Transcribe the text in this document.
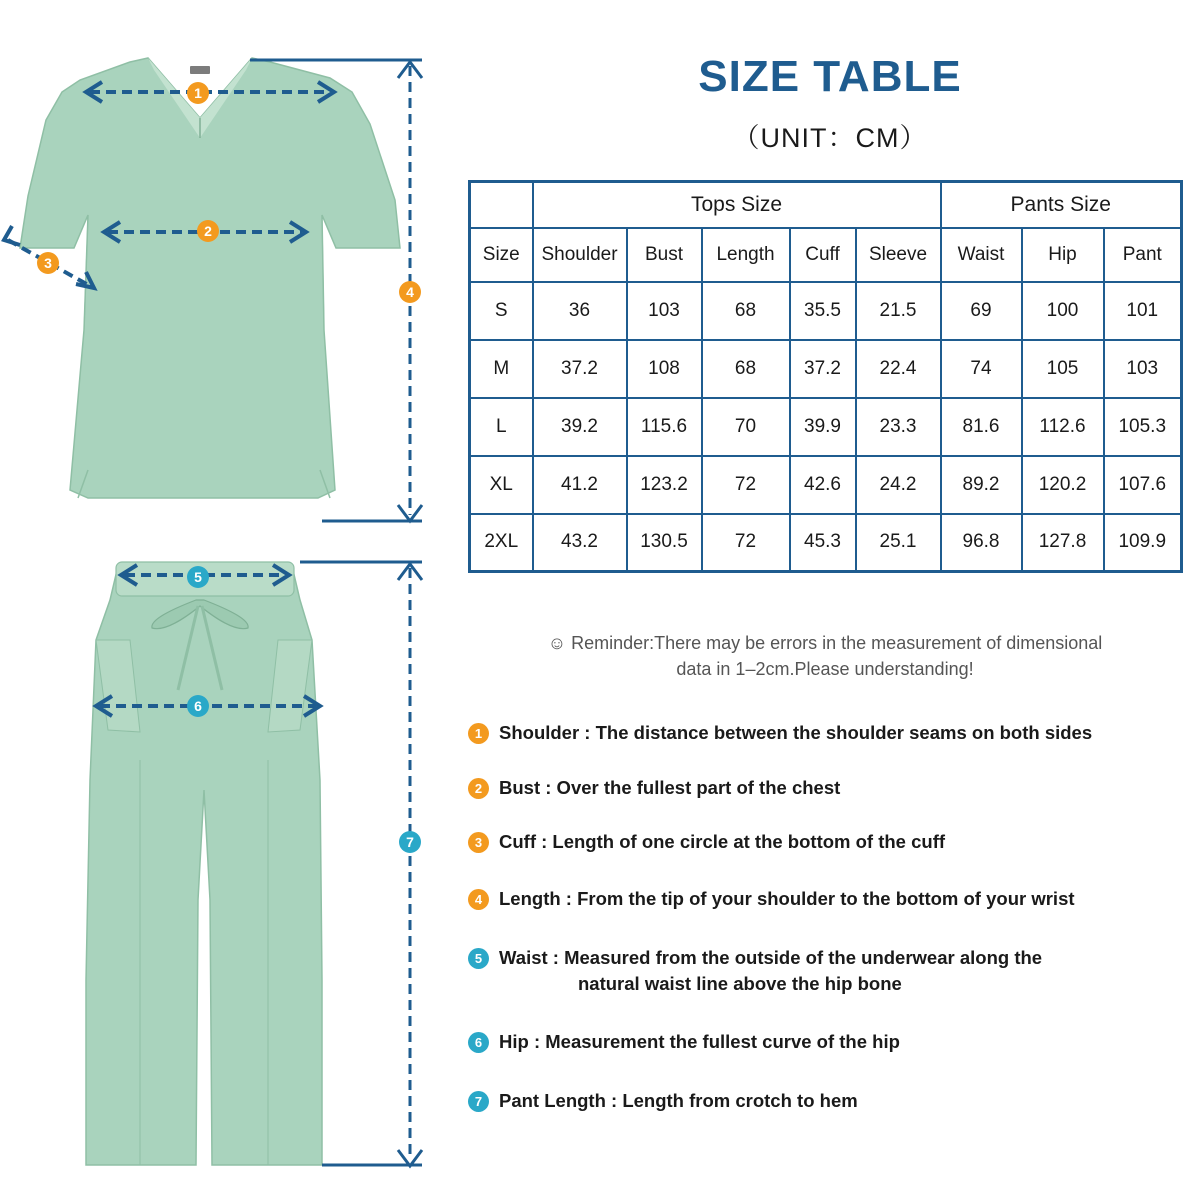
1
2
3
4
5
6
7
SIZE TABLE
（UNIT：CM）
	Tops Size					Pants Size		
Size	Shoulder	Bust	Length	Cuff	Sleeve	Waist	Hip	Pant
S	36	103	68	35.5	21.5	69	100	101
M	37.2	108	68	37.2	22.4	74	105	103
L	39.2	115.6	70	39.9	23.3	81.6	112.6	105.3
XL	41.2	123.2	72	42.6	24.2	89.2	120.2	107.6
2XL	43.2	130.5	72	45.3	25.1	96.8	127.8	109.9
☺ Reminder:There may be errors in the measurement of dimensional
data in 1–2cm.Please understanding!
1 Shoulder : The distance between the shoulder seams on both sides
2 Bust : Over the fullest part of the chest
3 Cuff : Length of one circle at the bottom of the cuff
4 Length : From the tip of your shoulder to the bottom of your wrist
5 Waist : Measured from the outside of the underwear along the
natural waist line above the hip bone
6 Hip : Measurement the fullest curve of the hip
7 Pant Length : Length from crotch to hem
